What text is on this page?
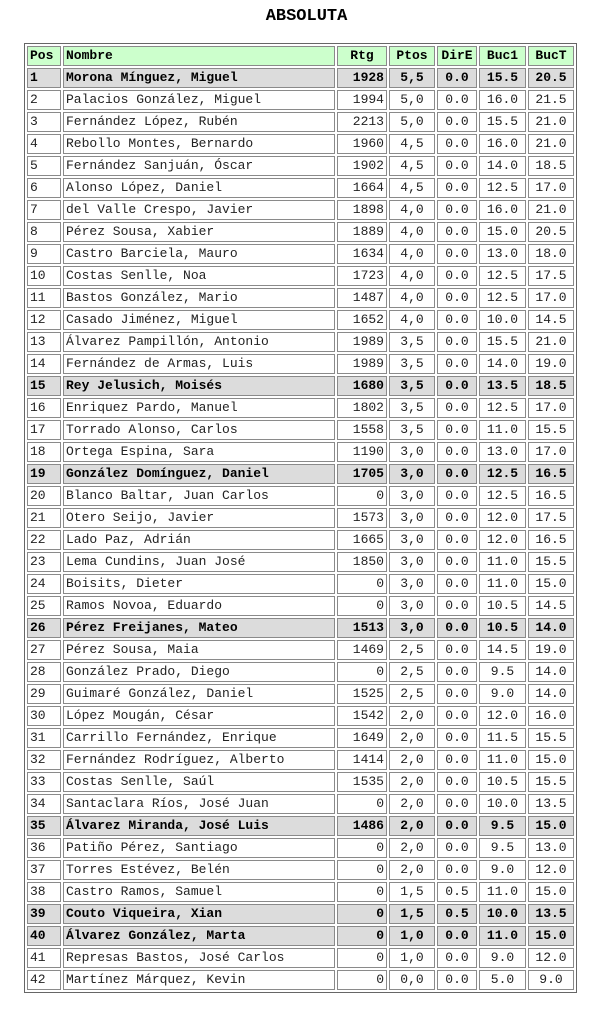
ABSOLUTA
Pos	Nombre	Rtg	Ptos	DirE	Buc1	BucT
1	Morona Mínguez, Miguel	1928	5,5	0.0	15.5	20.5
2	Palacios González, Miguel	1994	5,0	0.0	16.0	21.5
3	Fernández López, Rubén	2213	5,0	0.0	15.5	21.0
4	Rebollo Montes, Bernardo	1960	4,5	0.0	16.0	21.0
5	Fernández Sanjuán, Óscar	1902	4,5	0.0	14.0	18.5
6	Alonso López, Daniel	1664	4,5	0.0	12.5	17.0
7	del Valle Crespo, Javier	1898	4,0	0.0	16.0	21.0
8	Pérez Sousa, Xabier	1889	4,0	0.0	15.0	20.5
9	Castro Barciela, Mauro	1634	4,0	0.0	13.0	18.0
10	Costas Senlle, Noa	1723	4,0	0.0	12.5	17.5
11	Bastos González, Mario	1487	4,0	0.0	12.5	17.0
12	Casado Jiménez, Miguel	1652	4,0	0.0	10.0	14.5
13	Álvarez Pampillón, Antonio	1989	3,5	0.0	15.5	21.0
14	Fernández de Armas, Luis	1989	3,5	0.0	14.0	19.0
15	Rey Jelusich, Moisés	1680	3,5	0.0	13.5	18.5
16	Enriquez Pardo, Manuel	1802	3,5	0.0	12.5	17.0
17	Torrado Alonso, Carlos	1558	3,5	0.0	11.0	15.5
18	Ortega Espina, Sara	1190	3,0	0.0	13.0	17.0
19	González Domínguez, Daniel	1705	3,0	0.0	12.5	16.5
20	Blanco Baltar, Juan Carlos	0	3,0	0.0	12.5	16.5
21	Otero Seijo, Javier	1573	3,0	0.0	12.0	17.5
22	Lado Paz, Adrián	1665	3,0	0.0	12.0	16.5
23	Lema Cundins, Juan José	1850	3,0	0.0	11.0	15.5
24	Boisits, Dieter	0	3,0	0.0	11.0	15.0
25	Ramos Novoa, Eduardo	0	3,0	0.0	10.5	14.5
26	Pérez Freijanes, Mateo	1513	3,0	0.0	10.5	14.0
27	Pérez Sousa, Maia	1469	2,5	0.0	14.5	19.0
28	González Prado, Diego	0	2,5	0.0	9.5	14.0
29	Guimaré González, Daniel	1525	2,5	0.0	9.0	14.0
30	López Mougán, César	1542	2,0	0.0	12.0	16.0
31	Carrillo Fernández, Enrique	1649	2,0	0.0	11.5	15.5
32	Fernández Rodríguez, Alberto	1414	2,0	0.0	11.0	15.0
33	Costas Senlle, Saúl	1535	2,0	0.0	10.5	15.5
34	Santaclara Ríos, José Juan	0	2,0	0.0	10.0	13.5
35	Álvarez Miranda, José Luis	1486	2,0	0.0	9.5	15.0
36	Patiño Pérez, Santiago	0	2,0	0.0	9.5	13.0
37	Torres Estévez, Belén	0	2,0	0.0	9.0	12.0
38	Castro Ramos, Samuel	0	1,5	0.5	11.0	15.0
39	Couto Viqueira, Xian	0	1,5	0.5	10.0	13.5
40	Álvarez González, Marta	0	1,0	0.0	11.0	15.0
41	Represas Bastos, José Carlos	0	1,0	0.0	9.0	12.0
42	Martínez Márquez, Kevin	0	0,0	0.0	5.0	9.0
